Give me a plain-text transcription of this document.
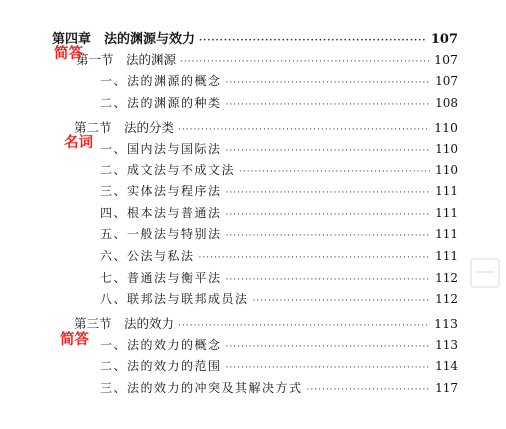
第四章　法的渊源与效力 ·····	107
第一节　法的渊源 ·····	107
一、法的渊源的概念 ·····	107
二、法的渊源的种类 ·····	108
第二节　法的分类 ·····	110
一、国内法与国际法 ·····	110
二、成文法与不成文法 ·····	110
三、实体法与程序法 ·····	111
四、根本法与普通法 ·····	111
五、一般法与特别法 ·····	111
六、公法与私法 ·····	111
七、普通法与衡平法 ·····	112
八、联邦法与联邦成员法 ·····	112
第三节　法的效力 ·····	113
一、法的效力的概念 ·····	113
二、法的效力的范围 ·····	114
三、法的效力的冲突及其解决方式 ·····	117
简答
名词
简答
